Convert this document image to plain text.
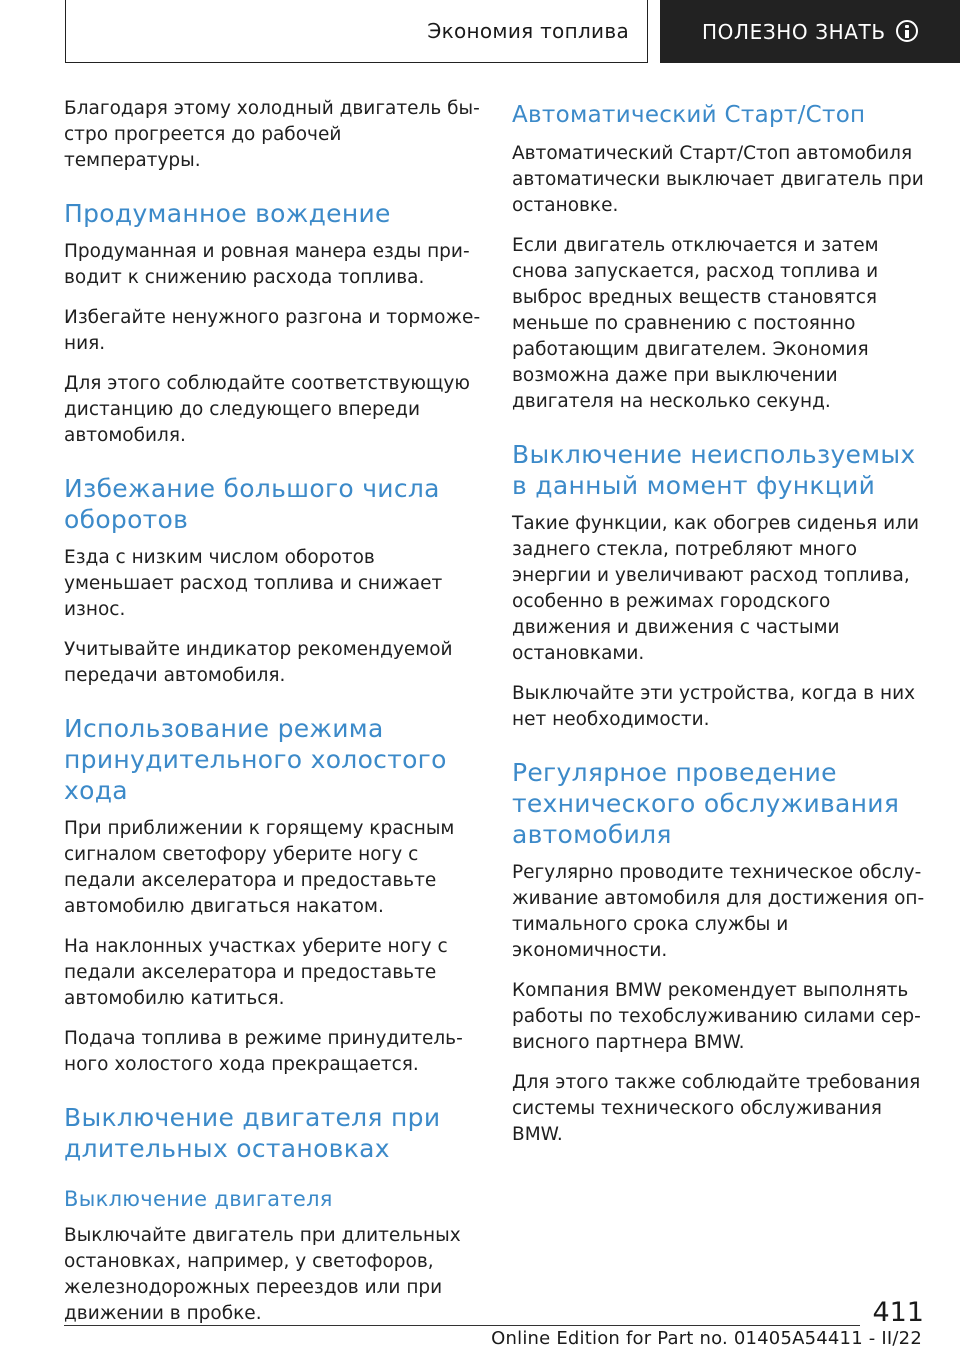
Экономия топлива	ПОЛЕЗНО ЗНАТЬ

Благодаря этому холодный двигатель быстро прогреется до рабочей температуры.

Продуманное вождение

Продуманная и ровная манера езды приводит к снижению расхода топлива.

Избегайте ненужного разгона и торможения.

Для этого соблюдайте соответствующую дистанцию до следующего впереди автомобиля.

Избежание большого числа оборотов

Езда с низким числом оборотов уменьшает расход топлива и снижает износ.

Учитывайте индикатор рекомендуемой передачи автомобиля.

Использование режима принудительного холостого хода

При приближении к горящему красным сигналом светофору уберите ногу с педали акселератора и предоставьте автомобилю двигаться накатом.

На наклонных участках уберите ногу с педали акселератора и предоставьте автомобилю катиться.

Подача топлива в режиме принудительного холостого хода прекращается.

Выключение двигателя при длительных остановках
Выключение двигателя

Выключайте двигатель при длительных остановках, например, у светофоров, железнодорожных переездов или при движении в пробке.

Автоматический Старт/Стоп

Автоматический Старт/Стоп автомобиля автоматически выключает двигатель при остановке.

Если двигатель отключается и затем снова запускается, расход топлива и выброс вредных веществ становятся меньше по сравнению с постоянно работающим двигателем. Экономия возможна даже при выключении двигателя на несколько секунд.

Выключение неиспользуемых в данный момент функций

Такие функции, как обогрев сиденья или заднего стекла, потребляют много энергии и увеличивают расход топлива, особенно в режимах городского движения и движения с частыми остановками.

Выключайте эти устройства, когда в них нет необходимости.

Регулярное проведение технического обслуживания автомобиля

Регулярно проводите техническое обслуживание автомобиля для достижения оптимального срока службы и экономичности.

Компания BMW рекомендует выполнять работы по техобслуживанию силами сервисного партнера BMW.

Для этого также соблюдайте требования системы технического обслуживания BMW.

411
Online Edition for Part no. 01405A54411 - II/22
